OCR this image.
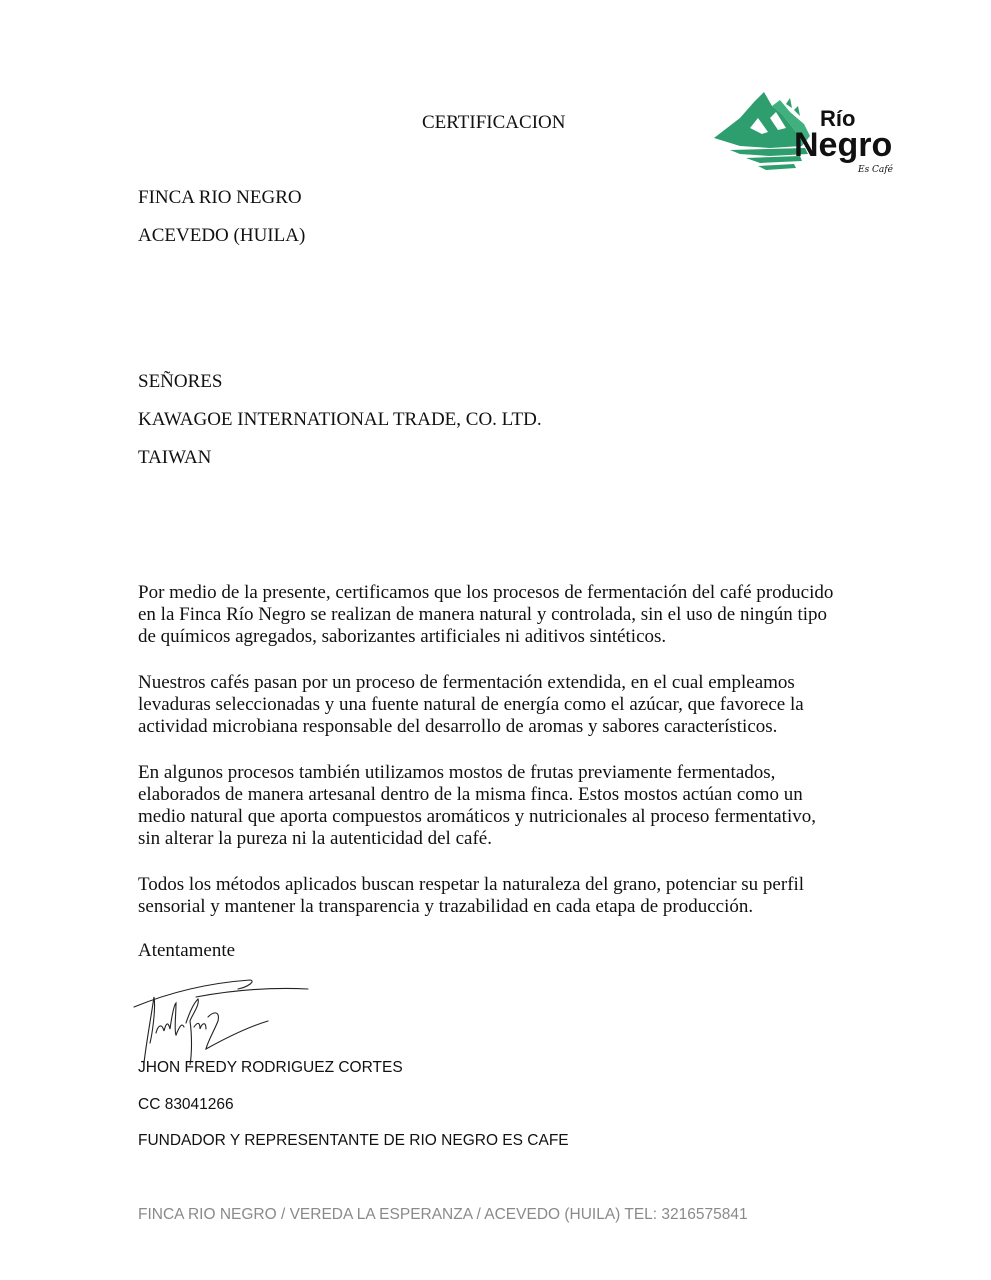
Río
Negro
Es Café
CERTIFICACION
FINCA RIO NEGRO
ACEVEDO (HUILA)
SEÑORES
KAWAGOE INTERNATIONAL TRADE, CO. LTD.
TAIWAN
Por medio de la presente, certificamos que los procesos de fermentación del café producido
en la Finca Río Negro se realizan de manera natural y controlada, sin el uso de ningún tipo
de químicos agregados, saborizantes artificiales ni aditivos sintéticos.
Nuestros cafés pasan por un proceso de fermentación extendida, en el cual empleamos
levaduras seleccionadas y una fuente natural de energía como el azúcar, que favorece la
actividad microbiana responsable del desarrollo de aromas y sabores característicos.
En algunos procesos también utilizamos mostos de frutas previamente fermentados,
elaborados de manera artesanal dentro de la misma finca. Estos mostos actúan como un
medio natural que aporta compuestos aromáticos y nutricionales al proceso fermentativo,
sin alterar la pureza ni la autenticidad del café.
Todos los métodos aplicados buscan respetar la naturaleza del grano, potenciar su perfil
sensorial y mantener la transparencia y trazabilidad en cada etapa de producción.
Atentamente
JHON FREDY RODRIGUEZ CORTES
CC 83041266
FUNDADOR Y REPRESENTANTE DE RIO NEGRO ES CAFE
FINCA RIO NEGRO / VEREDA LA ESPERANZA / ACEVEDO (HUILA) TEL: 3216575841
